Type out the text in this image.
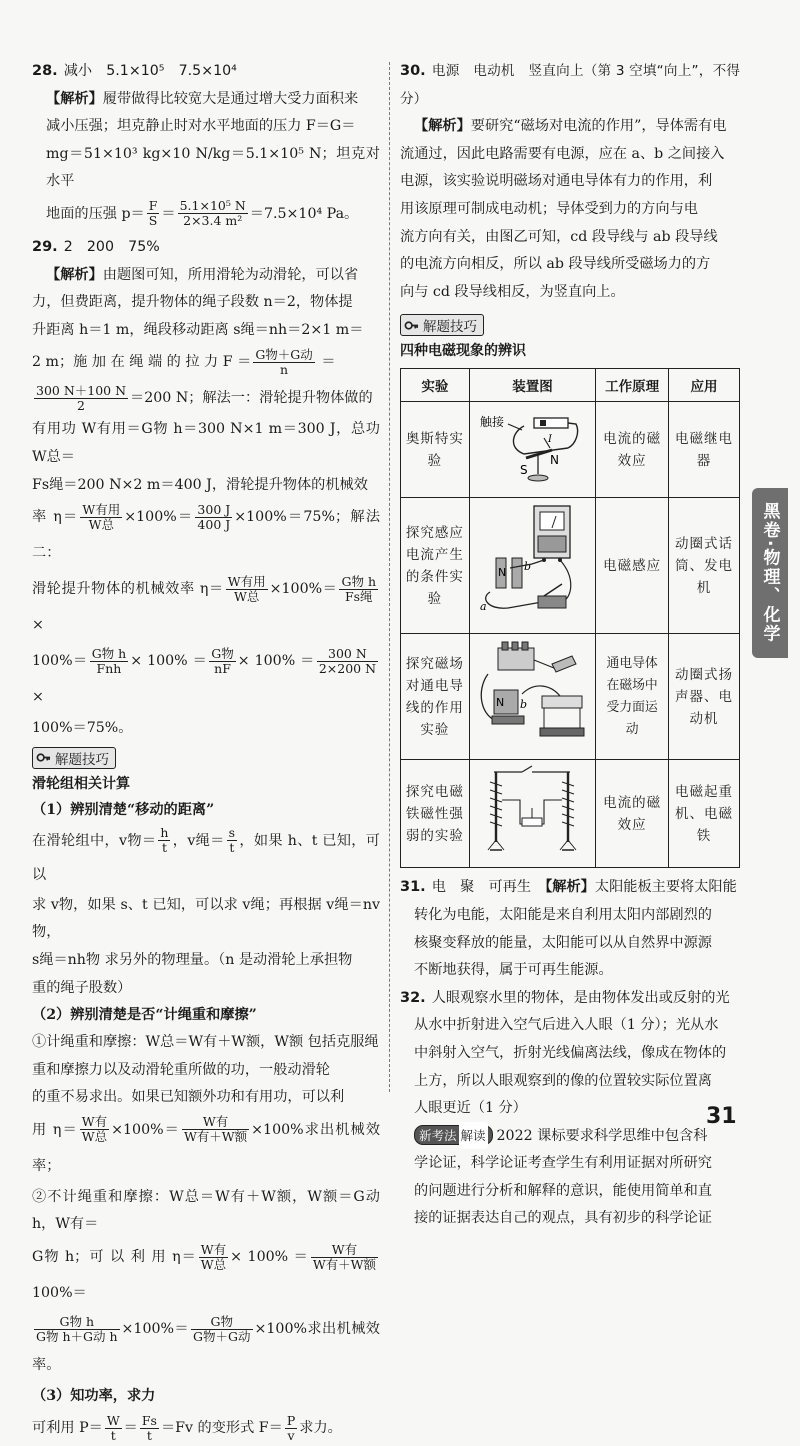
28. 减小　5.1×10⁵　7.5×10⁴

【解析】履带做得比较宽大是通过增大受力面积来

减小压强；坦克静止时对水平地面的压力 F＝G＝

mg＝51×10³ kg×10 N/kg＝5.1×10⁵ N；坦克对水平

地面的压强 $p= \frac{F}{S} = \frac{\text{5.1×10⁵ N}}{\text{2×3.4 m²}} =7.5\times 10^4$ Pa。

29. 2　200　75%

【解析】由题图可知，所用滑轮为动滑轮，可以省

力，但费距离，提升物体的绳子段数 n＝2，物体提

升距离 h＝1 m，绳段移动距离 s绳＝nh＝2×1 m＝

2 m；施 加 在 绳 端 的 拉 力 $F = \frac{\text{G物＋G动}}{n}$ ＝

$\frac{300 N+100 N}{2} =200$ N；解法一：滑轮提升物体做的

有用功 W有用＝G物 h＝300 N×1 m＝300 J，总功W总＝

Fs绳＝200 N×2 m＝400 J，滑轮提升物体的机械效

率 $\eta= \frac{\text{W有用}}{\text{W总}} \times 100\%= \frac{300 J}{400 J} \times 100\%=75\%$；解法二：

滑轮提升物体的机械效率 $\eta= \frac{\text{W有用}}{\text{W总}} \times 100\%= \frac{\text{G物 h}}{\text{Fs绳}}$
×

$100\%= \frac{\text{G物 h}}{\text{Fnh}} \times 100\% = \frac{\text{G物}}{nF} \times 100\% = \frac{300 N}{2\times 200 N}$
×

100%＝75%。

解题技巧

滑轮组相关计算

（1）辨别清楚“移动的距离”

在滑轮组中，v物＝ $\frac{h}{t}$ ，v绳＝ $\frac{s}{t}$ ，如果 h、t 已知，可以

求 v物，如果 s、t 已知，可以求 v绳；再根据 v绳＝nv物，

s绳＝nh物 求另外的物理量。（n 是动滑轮上承担物

重的绳子股数）

（2）辨别清楚是否“计绳重和摩擦”

①计绳重和摩擦：W总＝W有＋W额，W额 包括克服绳

重和摩擦力以及动滑轮重所做的功，一般动滑轮

的重不易求出。如果已知额外功和有用功，可以利

用 $\eta= \frac{\text{W有}}{\text{W总}} \times 100\%= \frac{\text{W有}}{\text{W有＋W额}} \times 100\%$求出机械效率；

②不计绳重和摩擦：W总＝W有＋W额，W额＝G动 h，W有＝

G物 h；可 以 利 用 $\eta= \frac{\text{W有}}{\text{W总}} \times 100\% = \frac{\text{W有}}{\text{W有＋W额}}$
100%＝

$\frac{\text{G物 h}}{\text{G物 h＋G动 h}} \times 100\%= \frac{\text{G物}}{\text{G物＋G动}} \times 100\%$求出机械效率。

（3）知功率，求力

可利用 $P= \frac{W}{t} = \frac{Fs}{t} =Fv$ 的变形式 $F= \frac{P}{v}$ 求力。

30. 电源　电动机　竖直向上（第 3 空填“向上”，不得分）

【解析】要研究“磁场对电流的作用”，导体需有电

流通过，因此电路需要有电源，应在 a、b 之间接入

电源，该实验说明磁场对通电导体有力的作用，利

用该原理可制成电动机；导体受到力的方向与电

流方向有关，由图乙可知，cd 段导线与 ab 段导线

的电流方向相反，所以 ab 段导线所受磁场力的方

向与 cd 段导线相反，为竖直向上。

解题技巧

四种电磁现象的辨识

实验	装置图	工作原理	应用
奥斯特实验	触接
I
S
N	电流的磁效应	电磁继电器
探究感应电流产生的条件实验	N b
a	电磁感应	动圈式话筒、发电机
探究磁场对通电导线的作用实验	N b	通电导体在磁场中受力面运动	动圈式扬声器、电动机
探究电磁铁磁性强弱的实验		电流的磁效应	电磁起重机、电磁铁

31. 电　聚　可再生　 【解析】太阳能板主要将太阳能

转化为电能，太阳能是来自利用太阳内部剧烈的

核聚变释放的能量，太阳能可以从自然界中源源

不断地获得，属于可再生能源。

32. 人眼观察水里的物体，是由物体发出或反射的光

从水中折射进入空气后进入人眼（1 分）；光从水

中斜射入空气，折射光线偏离法线，像成在物体的

上方，所以人眼观察到的像的位置较实际位置离

人眼更近（1 分）

新考法 解读 2022 课标要求科学思维中包含科

学论证，科学论证考查学生有利用证据对所研究

的问题进行分析和解释的意识，能使用简单和直

接的证据表达自己的观点，具有初步的科学论证

黑卷·物理、化学
31
